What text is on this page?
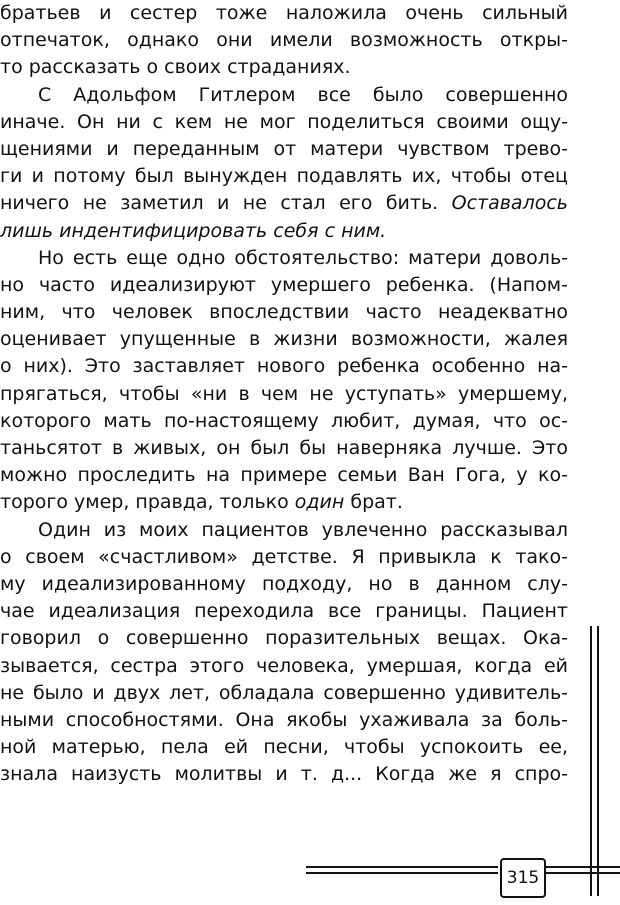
братьев и сестер тоже наложила очень сильный
отпечаток, однако они имели возможность откры-
то рассказать о своих страданиях.
С Адольфом Гитлером все было совершенно
иначе. Он ни с кем не мог поделиться своими ощу-
щениями и переданным от матери чувством трево-
ги и потому был вынужден подавлять их, чтобы отец
ничего не заметил и не стал его бить. Оставалось
лишь индентифицировать себя с ним.
Но есть еще одно обстоятельство: матери доволь-
но часто идеализируют умершего ребенка. (Напом-
ним, что человек впоследствии часто неадекватно
оценивает упущенные в жизни возможности, жалея
о них). Это заставляет нового ребенка особенно на-
прягаться, чтобы «ни в чем не уступать» умершему,
которого мать по-настоящему любит, думая, что ос-
таньсятот в живых, он был бы наверняка лучше. Это
можно проследить на примере семьи Ван Гога, у ко-
торого умер, правда, только один брат.
Один из моих пациентов увлеченно рассказывал
о своем «счастливом» детстве. Я привыкла к тако-
му идеализированному подходу, но в данном слу-
чае идеализация переходила все границы. Пациент
говорил о совершенно поразительных вещах. Ока-
зывается, сестра этого человека, умершая, когда ей
не было и двух лет, обладала совершенно удивитель-
ными способностями. Она якобы ухаживала за боль-
ной матерью, пела ей песни, чтобы успокоить ее,
знала наизусть молитвы и т. д... Когда же я спро-
315
